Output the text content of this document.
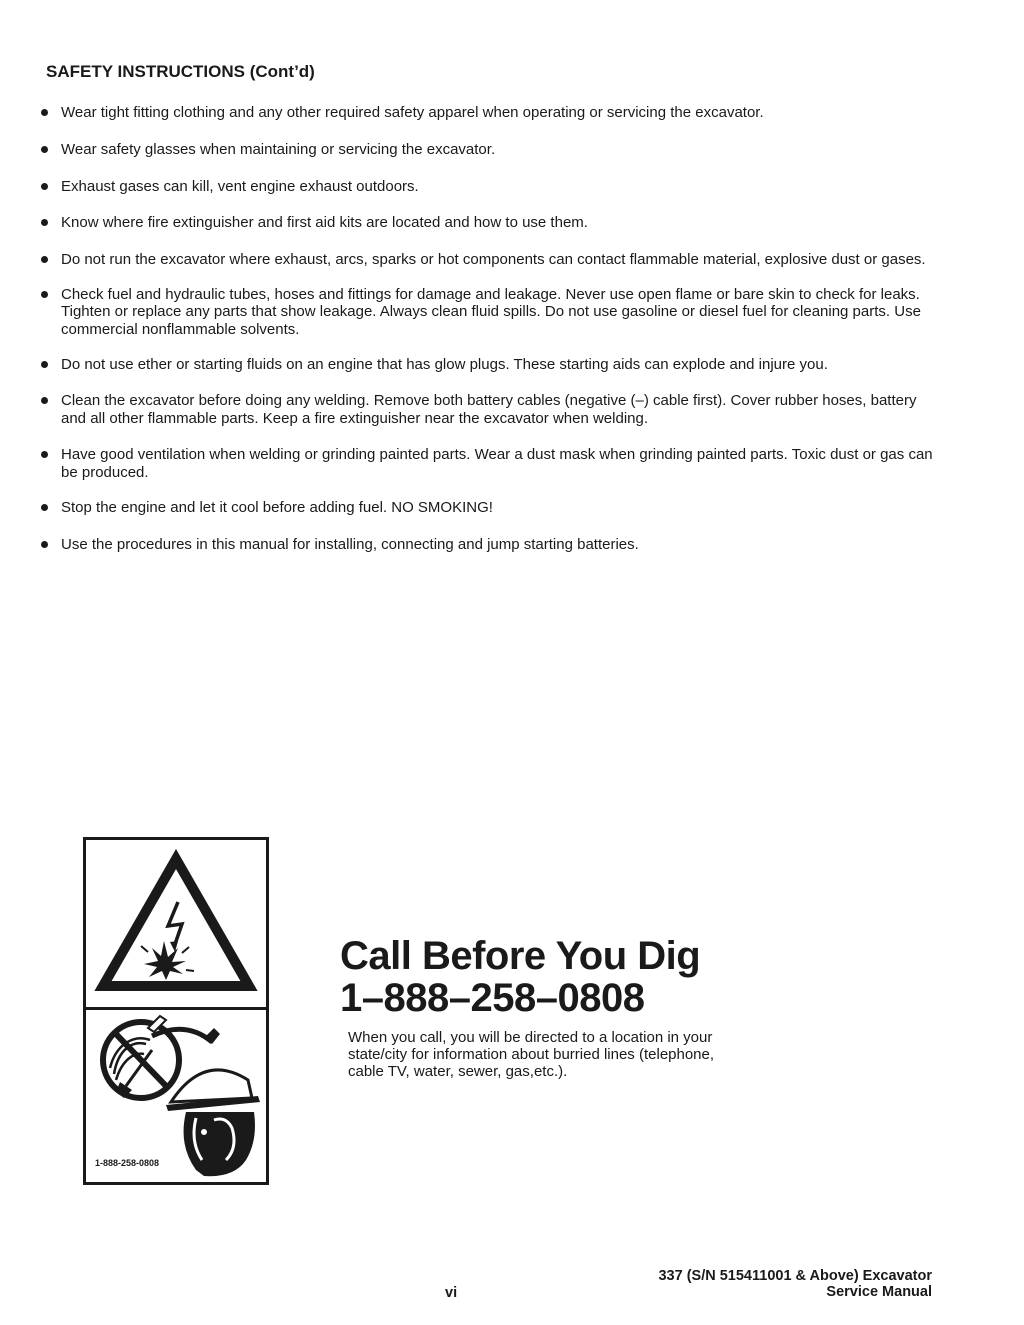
SAFETY INSTRUCTIONS (Cont’d)
Wear tight fitting clothing and any other required safety apparel when operating or servicing the excavator.
Wear safety glasses when maintaining or servicing the excavator.
Exhaust gases can kill, vent engine exhaust outdoors.
Know where fire extinguisher and first aid kits are located and how to use them.
Do not run the excavator where exhaust, arcs, sparks or hot components can contact flammable material, explosive dust or gases.
Check fuel and hydraulic tubes, hoses and fittings for damage and leakage. Never use open flame or bare skin to check for leaks. Tighten or replace any parts that show leakage. Always clean fluid spills. Do not use gasoline or diesel fuel for cleaning parts. Use commercial nonflammable solvents.
Do not use ether or starting fluids on an engine that has glow plugs. These starting aids can explode and injure you.
Clean the excavator before doing any welding. Remove both battery cables (negative (–) cable first). Cover rubber hoses, battery and all other flammable parts. Keep a fire extinguisher near the excavator when welding.
Have good ventilation when welding or grinding painted parts. Wear a dust mask when grinding painted parts. Toxic dust or gas can be produced.
Stop the engine and let it cool before adding fuel. NO SMOKING!
Use the procedures in this manual for installing, connecting and jump starting batteries.
1-888-258-0808
Call Before You Dig
1–888–258–0808

When you call, you will be directed to a location in your state/city for information about burried lines (telephone, cable TV, water, sewer, gas,etc.).

337 (S/N 515411001 & Above) Excavator
Service Manual
vi
